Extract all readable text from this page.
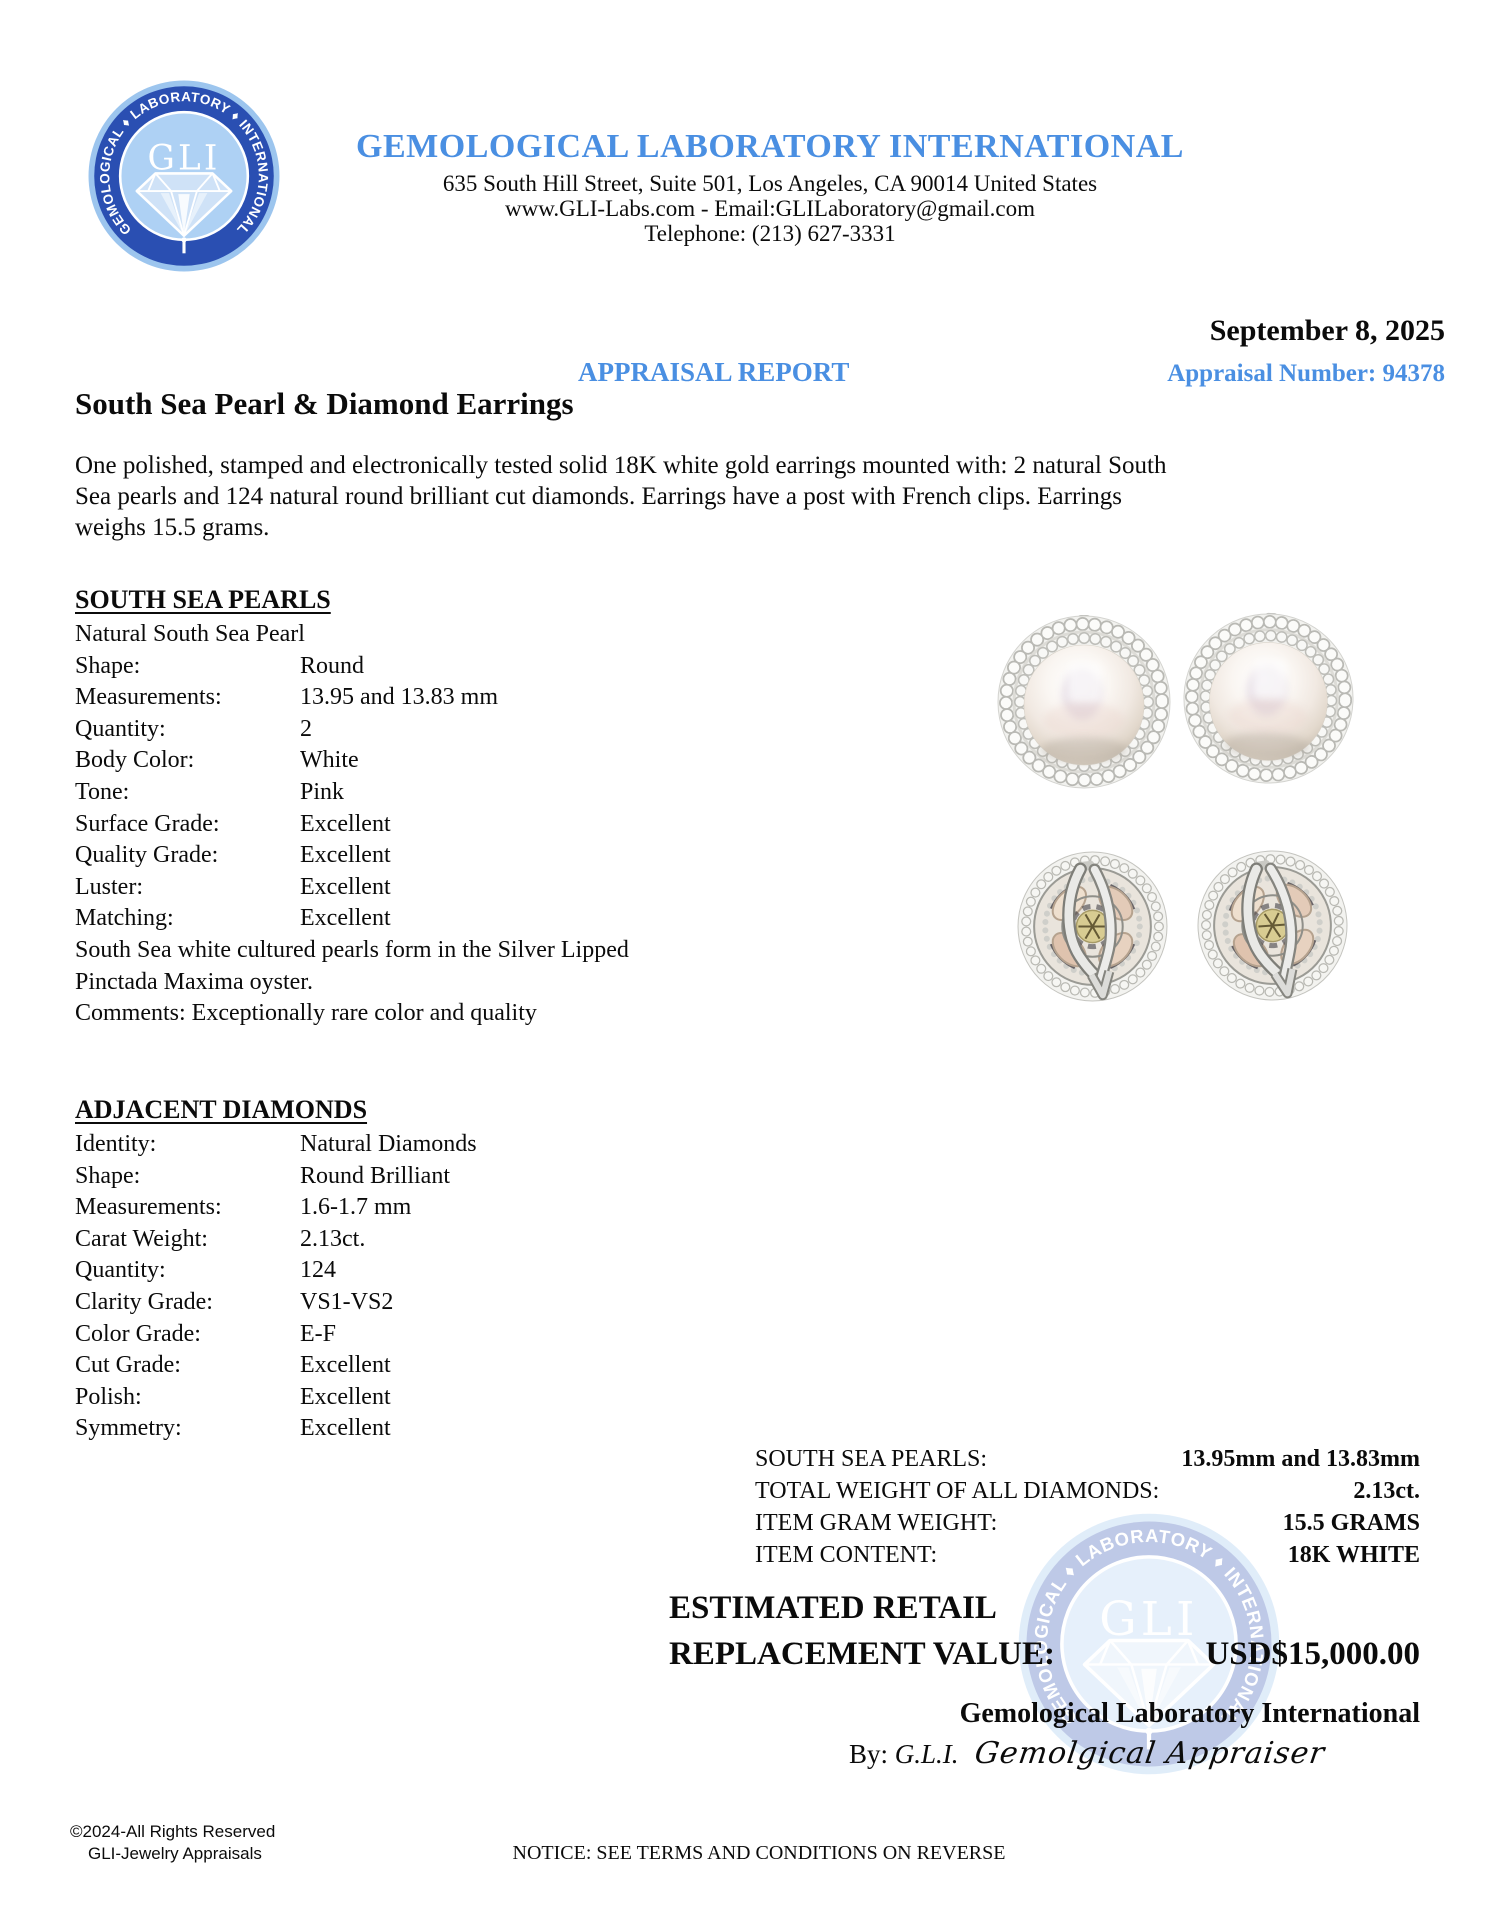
GEMOLOGICAL LABORATORY INTERNATIONAL
635 South Hill Street, Suite 501, Los Angeles, CA 90014 United States
www.GLI-Labs.com - Email:GLILaboratory@gmail.com
Telephone: (213) 627-3331
September 8, 2025
APPRAISAL REPORT	Appraisal Number: 94378
South Sea Pearl & Diamond Earrings
One polished, stamped and electronically tested solid 18K white gold earrings mounted with: 2 natural South
Sea pearls and 124 natural round brilliant cut diamonds. Earrings have a post with French clips. Earrings
weighs 15.5 grams.
SOUTH SEA PEARLS
Natural South Sea Pearl
Shape:	Round
Measurements:	13.95 and 13.83 mm
Quantity:	2
Body Color:	White
Tone:	Pink
Surface Grade:	Excellent
Quality Grade:	Excellent
Luster:	Excellent
Matching:	Excellent
South Sea white cultured pearls form in the Silver Lipped
Pinctada Maxima oyster.
Comments: Exceptionally rare color and quality
ADJACENT DIAMONDS
Identity:	Natural Diamonds
Shape:	Round Brilliant
Measurements:	1.6-1.7 mm
Carat Weight:	2.13ct.
Quantity:	124
Clarity Grade:	VS1-VS2
Color Grade:	E-F
Cut Grade:	Excellent
Polish:	Excellent
Symmetry:	Excellent
SOUTH SEA PEARLS:	13.95mm and 13.83mm
TOTAL WEIGHT OF ALL DIAMONDS:	2.13ct.
ITEM GRAM WEIGHT:	15.5 GRAMS
ITEM CONTENT:	18K WHITE
ESTIMATED RETAIL
REPLACEMENT VALUE:	USD$15,000.00
Gemological Laboratory International
By: G.L.I. Gemolgical Appraiser
©2024-All Rights Reserved
GLI-Jewelry Appraisals	NOTICE: SEE TERMS AND CONDITIONS ON REVERSE
